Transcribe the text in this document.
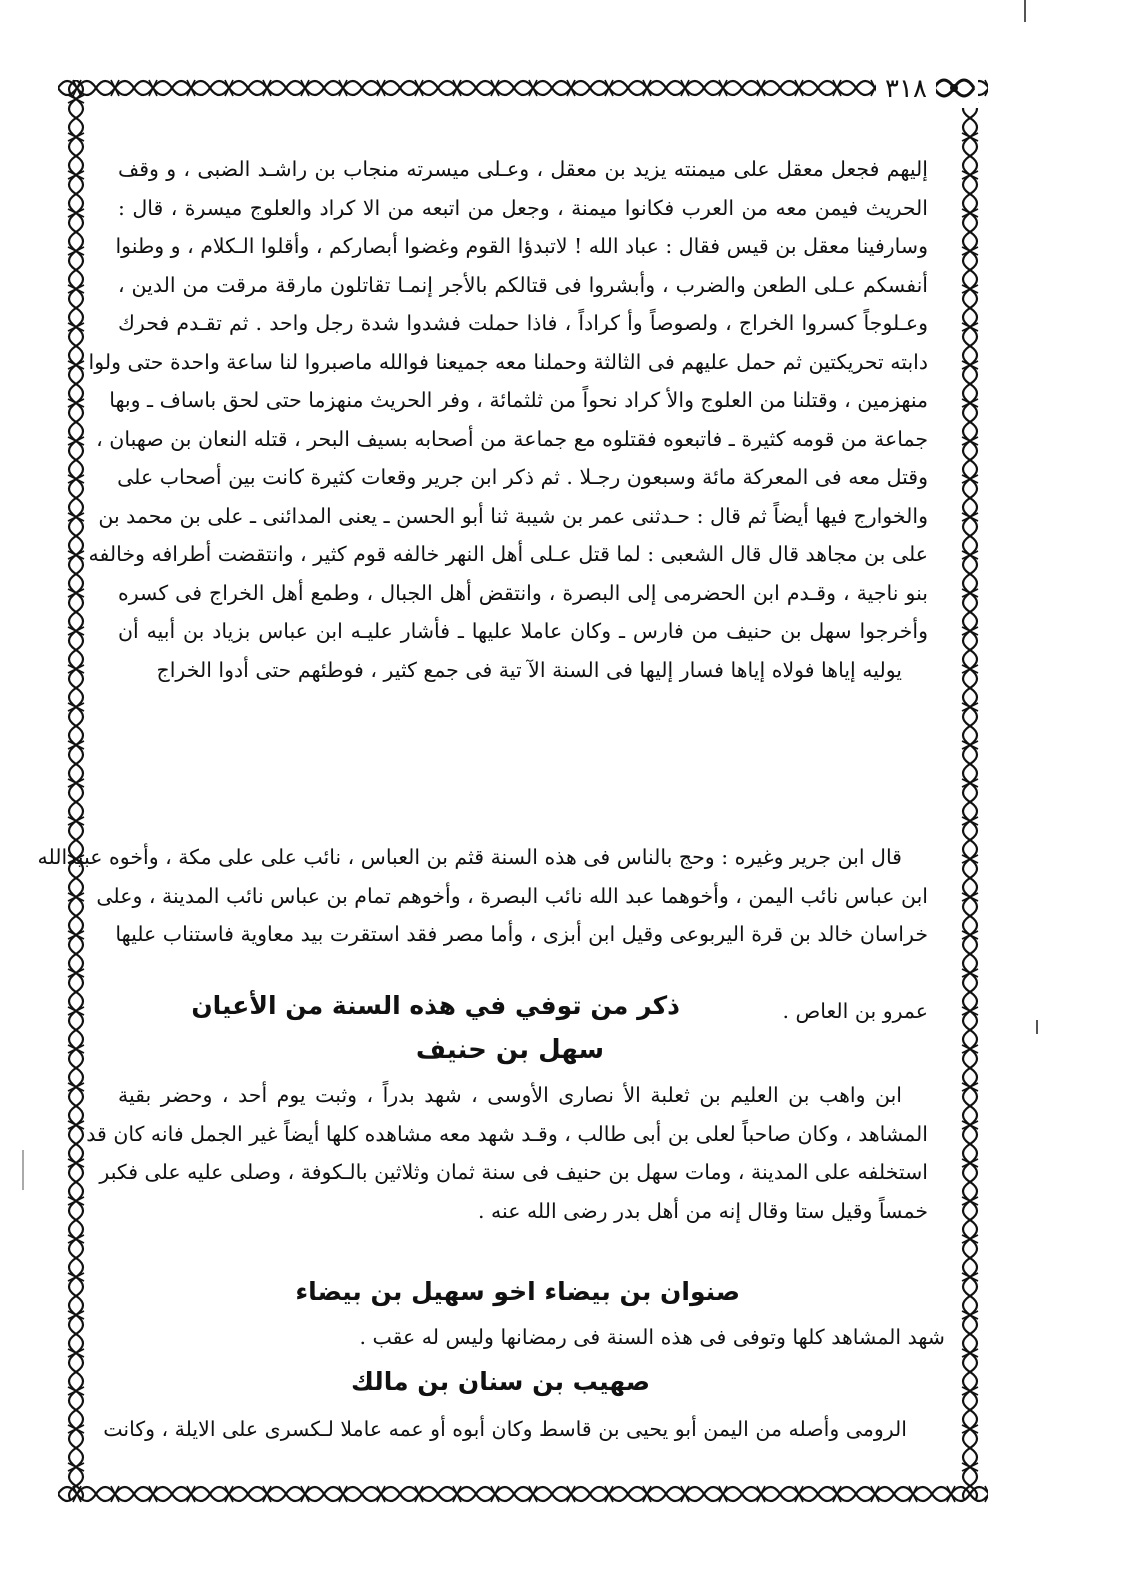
٣١٨
إليهم فجعل معقل على ميمنته يزيد بن معقل ، وعـلى ميسرته منجاب بن راشـد الضبى ، و وقف
الحريث فيمن معه من العرب فكانوا ميمنة ، وجعل من اتبعه من الا كراد والعلوج ميسرة ، قال :
وسارفينا معقل بن قيس فقال : عباد الله ! لاتبدؤا القوم وغضوا أبصاركم ، وأقلوا الـكلام ، و وطنوا
أنفسكم عـلى الطعن والضرب ، وأبشروا فى قتالكم بالأجر إنمـا تقاتلون مارقة مرقت من الدين ،
وعـلوجاً كسروا الخراج ، ولصوصاً وأ كراداً ، فاذا حملت فشدوا شدة رجل واحد . ثم تقـدم فحرك
دابته تحريكتين ثم حمل عليهم فى الثالثة وحملنا معه جميعنا فوالله ماصبروا لنا ساعة واحدة حتى ولوا
منهزمين ، وقتلنا من العلوج والأ كراد نحواً من ثلثمائة ، وفر الحريث منهزما حتى لحق باساف ـ وبها
جماعة من قومه كثيرة ـ فاتبعوه فقتلوه مع جماعة من أصحابه بسيف البحر ، قتله النعان بن صهبان ،
وقتل معه فى المعركة مائة وسبعون رجـلا . ثم ذكر ابن جرير وقعات كثيرة كانت بين أصحاب على
والخوارج فيها أيضاً ثم قال : حـدثنى عمر بن شيبة ثنا أبو الحسن ـ يعنى المدائنى ـ على بن محمد بن
على بن مجاهد قال قال الشعبى : لما قتل عـلى أهل النهر خالفه قوم كثير ، وانتقضت أطرافه وخالفه
بنو ناجية ، وقـدم ابن الحضرمى إلى البصرة ، وانتقض أهل الجبال ، وطمع أهل الخراج فى كسره
وأخرجوا سهل بن حنيف من فارس ـ وكان عاملا عليها ـ فأشار عليـه ابن عباس بزياد بن أبيه أن
يوليه إياها فولاه إياها فسار إليها فى السنة الآ تية فى جمع كثير ، فوطئهم حتى أدوا الخراج
قال ابن جرير وغيره : وحج بالناس فى هذه السنة قثم بن العباس ، نائب على على مكة ، وأخوه عبيدالله
ابن عباس نائب اليمن ، وأخوهما عبد الله نائب البصرة ، وأخوهم تمام بن عباس نائب المدينة ، وعلى
خراسان خالد بن قرة اليربوعى وقيل ابن أبزى ، وأما مصر فقد استقرت بيد معاوية فاستناب عليها
عمرو بن العاص .
ذكر من توفي في هذه السنة من الأعيان
سهل بن حنيف
ابن واهب بن العليم بن ثعلبة الأ نصارى الأوسى ، شهد بدراً ، وثبت يوم أحد ، وحضر بقية
المشاهد ، وكان صاحباً لعلى بن أبى طالب ، وقـد شهد معه مشاهده كلها أيضاً غير الجمل فانه كان قد
استخلفه على المدينة ، ومات سهل بن حنيف فى سنة ثمان وثلاثين بالـكوفة ، وصلى عليه على فكبر
خمساً وقيل ستا وقال إنه من أهل بدر رضى الله عنه .
صنوان بن بيضاء اخو سهيل بن بيضاء
شهد المشاهد كلها وتوفى فى هذه السنة فى رمضانها وليس له عقب .
صهيب بن سنان بن مالك
الرومى وأصله من اليمن أبو يحيى بن قاسط وكان أبوه أو عمه عاملا لـكسرى على الايلة ، وكانت
